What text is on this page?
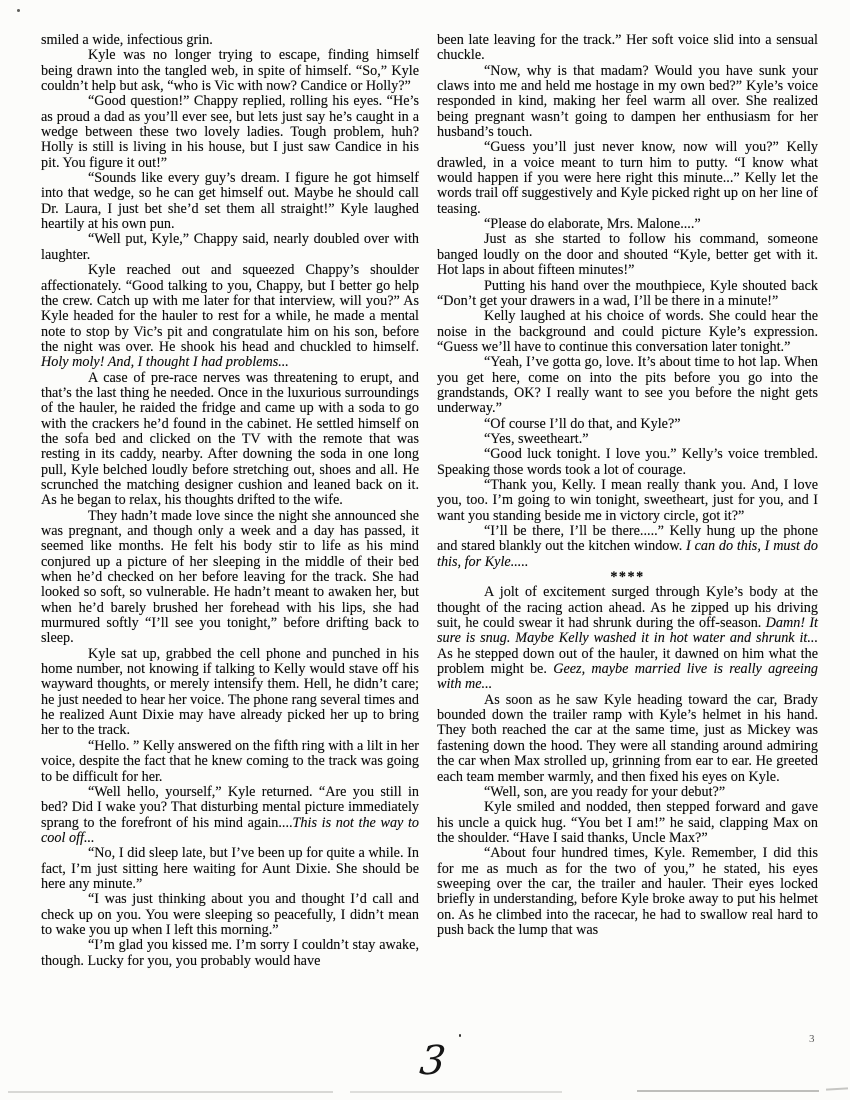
smiled a wide, infectious grin.

Kyle was no longer trying to escape, finding himself being drawn into the tangled web, in spite of himself. “So,” Kyle couldn’t help but ask, “who is Vic with now? Candice or Holly?”

“Good question!” Chappy replied, rolling his eyes. “He’s as proud a dad as you’ll ever see, but lets just say he’s caught in a wedge between these two lovely ladies. Tough problem, huh? Holly is still is living in his house, but I just saw Candice in his pit. You figure it out!”

“Sounds like every guy’s dream. I figure he got himself into that wedge, so he can get himself out. Maybe he should call Dr. Laura, I just bet she’d set them all straight!” Kyle laughed heartily at his own pun.

“Well put, Kyle,” Chappy said, nearly doubled over with laughter.

Kyle reached out and squeezed Chappy’s shoulder affectionately. “Good talking to you, Chappy, but I better go help the crew. Catch up with me later for that interview, will you?” As Kyle headed for the hauler to rest for a while, he made a mental note to stop by Vic’s pit and congratulate him on his son, before the night was over. He shook his head and chuckled to himself. Holy moly! And, I thought I had problems...

A case of pre-race nerves was threatening to erupt, and that’s the last thing he needed. Once in the luxurious surroundings of the hauler, he raided the fridge and came up with a soda to go with the crackers he’d found in the cabinet. He settled himself on the sofa bed and clicked on the TV with the remote that was resting in its caddy, nearby. After downing the soda in one long pull, Kyle belched loudly before stretching out, shoes and all. He scrunched the matching designer cushion and leaned back on it. As he began to relax, his thoughts drifted to the wife.

They hadn’t made love since the night she announced she was pregnant, and though only a week and a day has passed, it seemed like months. He felt his body stir to life as his mind conjured up a picture of her sleeping in the middle of their bed when he’d checked on her before leaving for the track. She had looked so soft, so vulnerable. He hadn’t meant to awaken her, but when he’d barely brushed her forehead with his lips, she had murmured softly “I’ll see you tonight,” before drifting back to sleep.

Kyle sat up, grabbed the cell phone and punched in his home number, not knowing if talking to Kelly would stave off his wayward thoughts, or merely intensify them. Hell, he didn’t care; he just needed to hear her voice. The phone rang several times and he realized Aunt Dixie may have already picked her up to bring her to the track.

“Hello. ” Kelly answered on the fifth ring with a lilt in her voice, despite the fact that he knew coming to the track was going to be difficult for her.

“Well hello, yourself,” Kyle returned. “Are you still in bed? Did I wake you? That disturbing mental picture immediately sprang to the forefront of his mind again....This is not the way to cool off...

“No, I did sleep late, but I’ve been up for quite a while. In fact, I’m just sitting here waiting for Aunt Dixie. She should be here any minute.”

“I was just thinking about you and thought I’d call and check up on you. You were sleeping so peacefully, I didn’t mean to wake you up when I left this morning.”

“I’m glad you kissed me. I’m sorry I couldn’t stay awake, though. Lucky for you, you probably would have

been late leaving for the track.” Her soft voice slid into a sensual chuckle.

“Now, why is that madam? Would you have sunk your claws into me and held me hostage in my own bed?” Kyle’s voice responded in kind, making her feel warm all over. She realized being pregnant wasn’t going to dampen her enthusiasm for her husband’s touch.

“Guess you’ll just never know, now will you?” Kelly drawled, in a voice meant to turn him to putty. “I know what would happen if you were here right this minute...” Kelly let the words trail off suggestively and Kyle picked right up on her line of teasing.

“Please do elaborate, Mrs. Malone....”

Just as she started to follow his command, someone banged loudly on the door and shouted “Kyle, better get with it. Hot laps in about fifteen minutes!”

Putting his hand over the mouthpiece, Kyle shouted back “Don’t get your drawers in a wad, I’ll be there in a minute!”

Kelly laughed at his choice of words. She could hear the noise in the background and could picture Kyle’s expression. “Guess we’ll have to continue this conversation later tonight.”

“Yeah, I’ve gotta go, love. It’s about time to hot lap. When you get here, come on into the pits before you go into the grandstands, OK? I really want to see you before the night gets underway.”

“Of course I’ll do that, and Kyle?”

“Yes, sweetheart.”

“Good luck tonight. I love you.” Kelly’s voice trembled. Speaking those words took a lot of courage.

“Thank you, Kelly. I mean really thank you. And, I love you, too. I’m going to win tonight, sweetheart, just for you, and I want you standing beside me in victory circle, got it?”

“I’ll be there, I’ll be there.....” Kelly hung up the phone and stared blankly out the kitchen window. I can do this, I must do this, for Kyle.....

****

A jolt of excitement surged through Kyle’s body at the thought of the racing action ahead. As he zipped up his driving suit, he could swear it had shrunk during the off-season. Damn! It sure is snug. Maybe Kelly washed it in hot water and shrunk it... As he stepped down out of the hauler, it dawned on him what the problem might be. Geez, maybe married live is really agreeing with me...

As soon as he saw Kyle heading toward the car, Brady bounded down the trailer ramp with Kyle’s helmet in his hand. They both reached the car at the same time, just as Mickey was fastening down the hood. They were all standing around admiring the car when Max strolled up, grinning from ear to ear. He greeted each team member warmly, and then fixed his eyes on Kyle.

“Well, son, are you ready for your debut?”

Kyle smiled and nodded, then stepped forward and gave his uncle a quick hug. “You bet I am!” he said, clapping Max on the shoulder. “Have I said thanks, Uncle Max?”

“About four hundred times, Kyle. Remember, I did this for me as much as for the two of you,” he stated, his eyes sweeping over the car, the trailer and hauler. Their eyes locked briefly in understanding, before Kyle broke away to put his helmet on. As he climbed into the racecar, he had to swallow real hard to push back the lump that was

3
3
